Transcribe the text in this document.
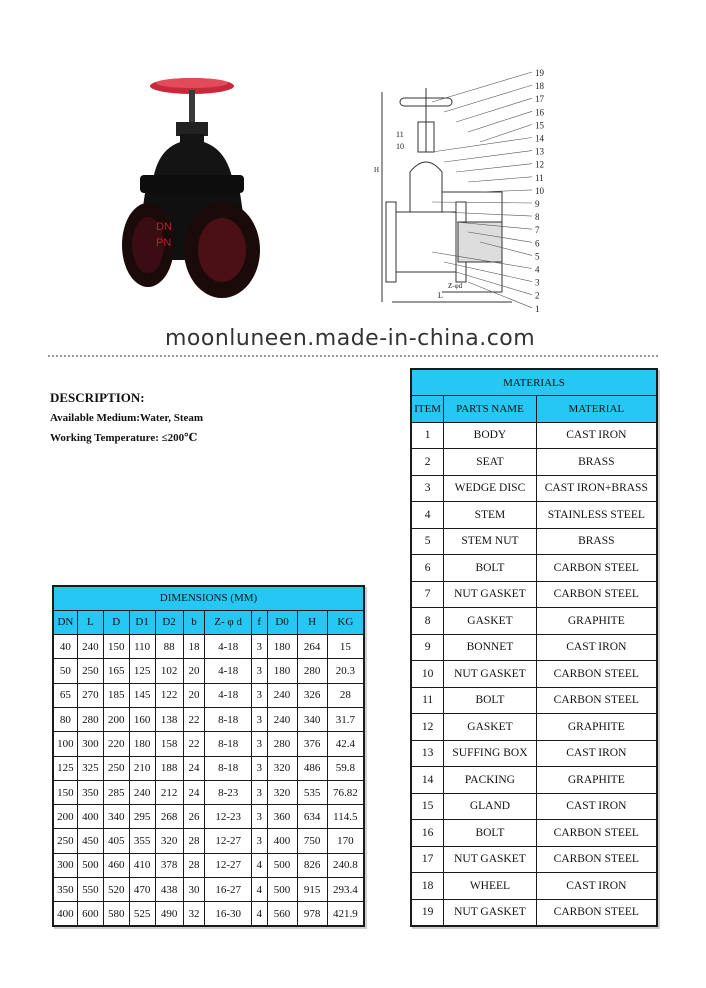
DN
PN
19
18
17
16
15
14
13
12
11
10
9
8
7
6
5
4
3
2
1
11
10
L
H
Z-φd
moonluneen.made-in-china.com
DESCRIPTION:
Available Medium:Water, Steam
Working Temperature: ≤200℃
DIMENSIONS (MM)										
DN	L	D	D1	D2	b	Z- φ d	f	D0	H	KG
40	240	150	110	88	18	4-18	3	180	264	15
50	250	165	125	102	20	4-18	3	180	280	20.3
65	270	185	145	122	20	4-18	3	240	326	28
80	280	200	160	138	22	8-18	3	240	340	31.7
100	300	220	180	158	22	8-18	3	280	376	42.4
125	325	250	210	188	24	8-18	3	320	486	59.8
150	350	285	240	212	24	8-23	3	320	535	76.82
200	400	340	295	268	26	12-23	3	360	634	114.5
250	450	405	355	320	28	12-27	3	400	750	170
300	500	460	410	378	28	12-27	4	500	826	240.8
350	550	520	470	438	30	16-27	4	500	915	293.4
400	600	580	525	490	32	16-30	4	560	978	421.9
MATERIALS		
ITEM	PARTS NAME	MATERIAL
1	BODY	CAST IRON
2	SEAT	BRASS
3	WEDGE DISC	CAST IRON+BRASS
4	STEM	STAINLESS STEEL
5	STEM NUT	BRASS
6	BOLT	CARBON STEEL
7	NUT GASKET	CARBON STEEL
8	GASKET	GRAPHITE
9	BONNET	CAST IRON
10	NUT GASKET	CARBON STEEL
11	BOLT	CARBON STEEL
12	GASKET	GRAPHITE
13	SUFFING BOX	CAST IRON
14	PACKING	GRAPHITE
15	GLAND	CAST IRON
16	BOLT	CARBON STEEL
17	NUT GASKET	CARBON STEEL
18	WHEEL	CAST IRON
19	NUT GASKET	CARBON STEEL
